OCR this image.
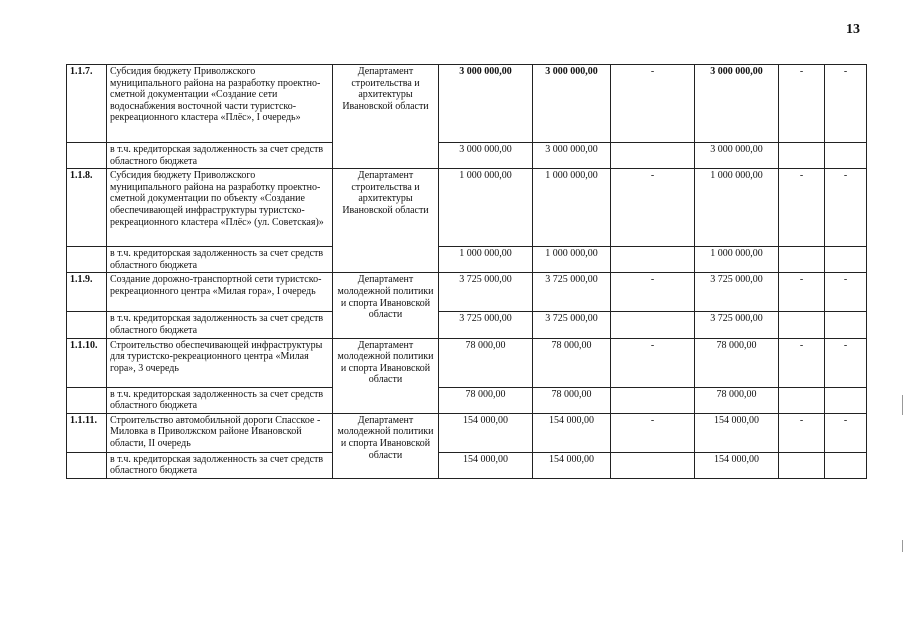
13
1.1.7.	Субсидия бюджету Приволжского муниципального района на разработку проектно-сметной документации «Создание сети водоснабжения восточной части туристско-рекреационного кластера «Плёс», I очередь»	Департамент строительства и архитектуры Ивановской области	3 000 000,00	3 000 000,00	-	3 000 000,00	-	-
	в т.ч. кредиторская задолженность за счет средств областного бюджета		3 000 000,00	3 000 000,00		3 000 000,00		
1.1.8.	Субсидия бюджету Приволжского муниципального района на разработку проектно-сметной документации по объекту «Создание обеспечивающей инфраструктуры туристско-рекреационного кластера «Плёс» (ул. Советская)»	Департамент строительства и архитектуры Ивановской области	1 000 000,00	1 000 000,00	-	1 000 000,00	-	-
	в т.ч. кредиторская задолженность за счет средств областного бюджета		1 000 000,00	1 000 000,00		1 000 000,00		
1.1.9.	Создание дорожно-транспортной сети туристско-рекреационного центра «Милая гора», I очередь	Департамент молодежной политики и спорта Ивановской области	3 725 000,00	3 725 000,00	-	3 725 000,00	-	-
	в т.ч. кредиторская задолженность за счет средств областного бюджета		3 725 000,00	3 725 000,00		3 725 000,00		
1.1.10.	Строительство обеспечивающей инфраструктуры для туристско-рекреационного центра «Милая гора», 3 очередь	Департамент молодежной политики и спорта Ивановской области	78 000,00	78 000,00	-	78 000,00	-	-
	в т.ч. кредиторская задолженность за счет средств областного бюджета		78 000,00	78 000,00		78 000,00		
1.1.11.	Строительство автомобильной дороги Спасское - Миловка в Приволжском районе Ивановской области, II очередь	Департамент молодежной политики и спорта Ивановской области	154 000,00	154 000,00	-	154 000,00	-	-
	в т.ч. кредиторская задолженность за счет средств областного бюджета		154 000,00	154 000,00		154 000,00		
